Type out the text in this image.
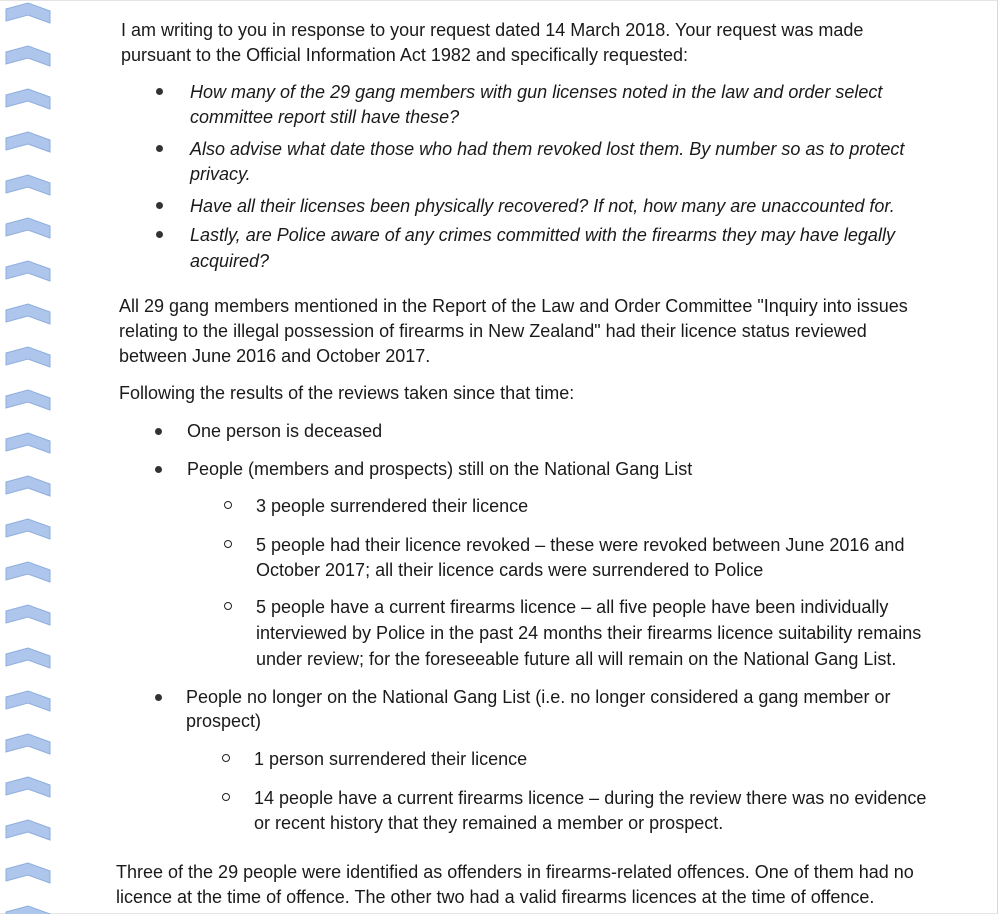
I am writing to you in response to your request dated 14 March 2018. Your request was made
pursuant to the Official Information Act 1982 and specifically requested:
How many of the 29 gang members with gun licenses noted in the law and order select
committee report still have these?
Also advise what date those who had them revoked lost them. By number so as to protect
privacy.
Have all their licenses been physically recovered? If not, how many are unaccounted for.
Lastly, are Police aware of any crimes committed with the firearms they may have legally
acquired?
All 29 gang members mentioned in the Report of the Law and Order Committee "Inquiry into issues
relating to the illegal possession of firearms in New Zealand" had their licence status reviewed
between June 2016 and October 2017.
Following the results of the reviews taken since that time:
One person is deceased
People (members and prospects) still on the National Gang List
3 people surrendered their licence
5 people had their licence revoked – these were revoked between June 2016 and
October 2017; all their licence cards were surrendered to Police
5 people have a current firearms licence – all five people have been individually
interviewed by Police in the past 24 months their firearms licence suitability remains
under review; for the foreseeable future all will remain on the National Gang List.
People no longer on the National Gang List (i.e. no longer considered a gang member or
prospect)
1 person surrendered their licence
14 people have a current firearms licence – during the review there was no evidence
or recent history that they remained a member or prospect.
Three of the 29 people were identified as offenders in firearms-related offences. One of them had no
licence at the time of offence. The other two had a valid firearms licences at the time of offence.
